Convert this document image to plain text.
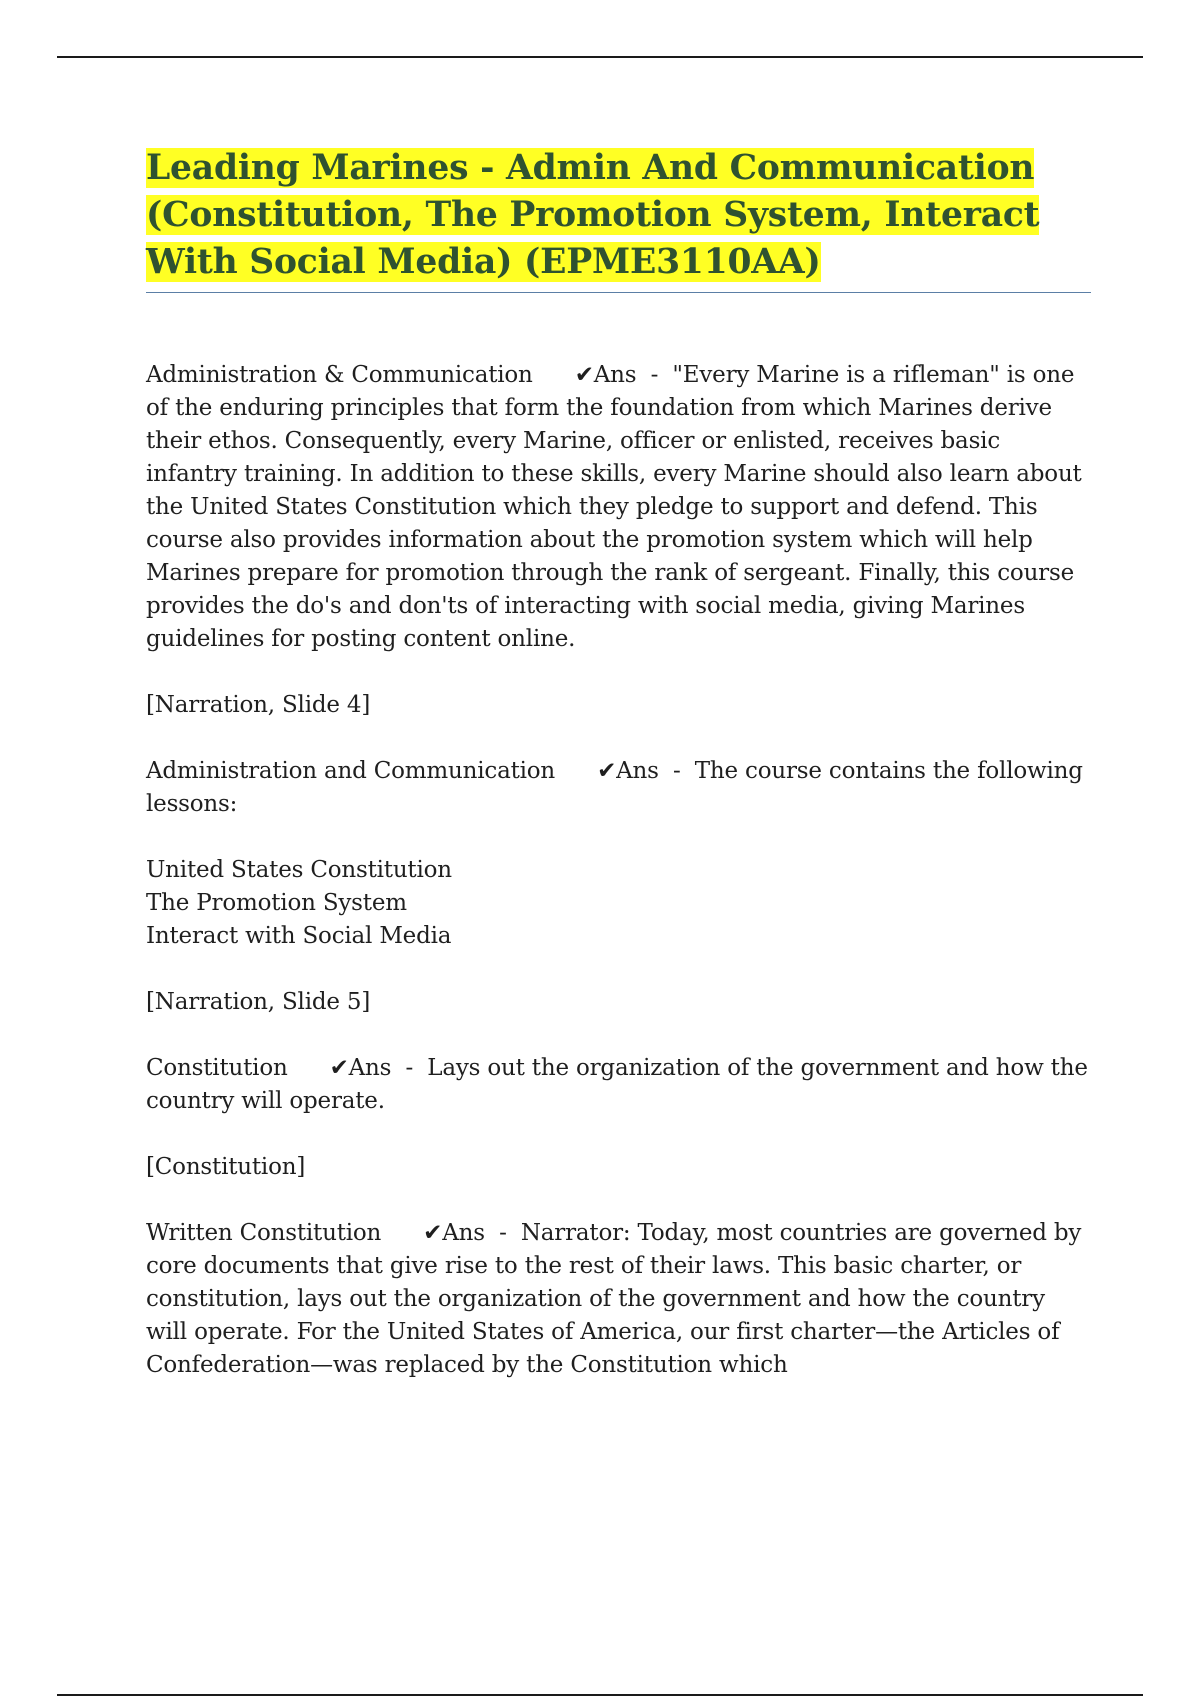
Leading Marines - Admin And Communication (Constitution, The Promotion System, Interact With Social Media) (EPME3110AA)

Administration & Communication ✔Ans  -  "Every Marine is a rifleman" is one of the enduring principles that form the foundation from which Marines derive their ethos. Consequently, every Marine, officer or enlisted, receives basic infantry training. In addition to these skills, every Marine should also learn about the United States Constitution which they pledge to support and defend. This course also provides information about the promotion system which will help Marines prepare for promotion through the rank of sergeant. Finally, this course provides the do's and don'ts of interacting with social media, giving Marines guidelines for posting content online.

[Narration, Slide 4]

Administration and Communication ✔Ans  -  The course contains the following lessons:

United States Constitution
The Promotion System
Interact with Social Media

[Narration, Slide 5]

Constitution ✔Ans  -  Lays out the organization of the government and how the country will operate.

[Constitution]

Written Constitution ✔Ans  -  Narrator: Today, most countries are governed by core documents that give rise to the rest of their laws. This basic charter, or constitution, lays out the organization of the government and how the country will operate. For the United States of America, our first charter—the Articles of Confederation—was replaced by the Constitution which
